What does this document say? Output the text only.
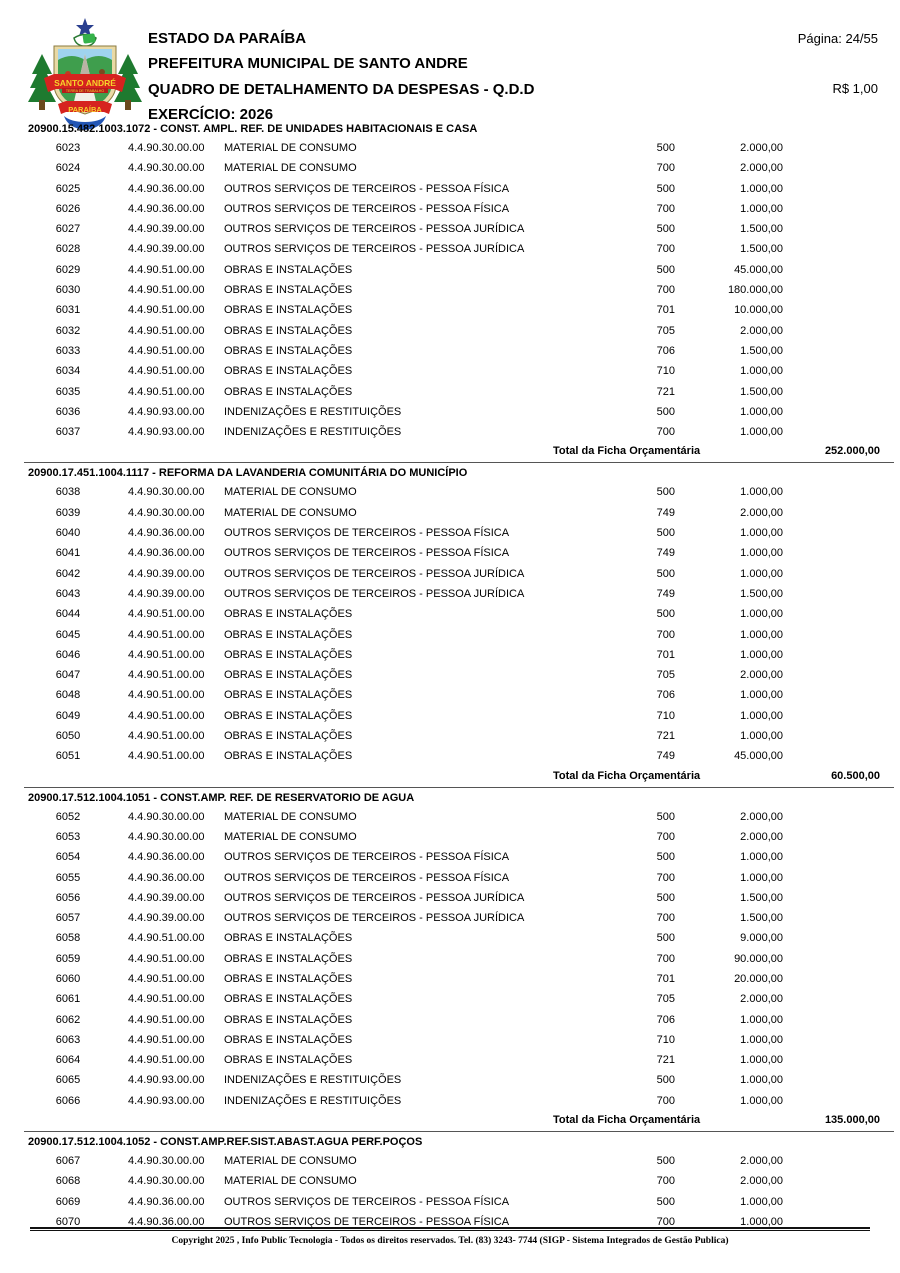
SANTO ANDRÉ
TERRA DE TRABALHO
PARAÍBA
ESTADO DA PARAÍBA
PREFEITURA MUNICIPAL DE SANTO ANDRE
QUADRO DE DETALHAMENTO DA DESPESAS - Q.D.D
EXERCÍCIO: 2026
Página: 24/55
R$ 1,00
20900.15.482.1003.1072 - CONST. AMPL. REF. DE UNIDADES HABITACIONAIS E CASA
6023	4.4.90.30.00.00	MATERIAL DE CONSUMO	500	2.000,00
6024	4.4.90.30.00.00	MATERIAL DE CONSUMO	700	2.000,00
6025	4.4.90.36.00.00	OUTROS SERVIÇOS DE TERCEIROS - PESSOA FÍSICA	500	1.000,00
6026	4.4.90.36.00.00	OUTROS SERVIÇOS DE TERCEIROS - PESSOA FÍSICA	700	1.000,00
6027	4.4.90.39.00.00	OUTROS SERVIÇOS DE TERCEIROS - PESSOA JURÍDICA	500	1.500,00
6028	4.4.90.39.00.00	OUTROS SERVIÇOS DE TERCEIROS - PESSOA JURÍDICA	700	1.500,00
6029	4.4.90.51.00.00	OBRAS E INSTALAÇÕES	500	45.000,00
6030	4.4.90.51.00.00	OBRAS E INSTALAÇÕES	700	180.000,00
6031	4.4.90.51.00.00	OBRAS E INSTALAÇÕES	701	10.000,00
6032	4.4.90.51.00.00	OBRAS E INSTALAÇÕES	705	2.000,00
6033	4.4.90.51.00.00	OBRAS E INSTALAÇÕES	706	1.500,00
6034	4.4.90.51.00.00	OBRAS E INSTALAÇÕES	710	1.000,00
6035	4.4.90.51.00.00	OBRAS E INSTALAÇÕES	721	1.500,00
6036	4.4.90.93.00.00	INDENIZAÇÕES E RESTITUIÇÕES	500	1.000,00
6037	4.4.90.93.00.00	INDENIZAÇÕES E RESTITUIÇÕES	700	1.000,00
Total da Ficha Orçamentária	252.000,00
20900.17.451.1004.1117 - REFORMA DA LAVANDERIA COMUNITÁRIA DO MUNICÍPIO
6038	4.4.90.30.00.00	MATERIAL DE CONSUMO	500	1.000,00
6039	4.4.90.30.00.00	MATERIAL DE CONSUMO	749	2.000,00
6040	4.4.90.36.00.00	OUTROS SERVIÇOS DE TERCEIROS - PESSOA FÍSICA	500	1.000,00
6041	4.4.90.36.00.00	OUTROS SERVIÇOS DE TERCEIROS - PESSOA FÍSICA	749	1.000,00
6042	4.4.90.39.00.00	OUTROS SERVIÇOS DE TERCEIROS - PESSOA JURÍDICA	500	1.000,00
6043	4.4.90.39.00.00	OUTROS SERVIÇOS DE TERCEIROS - PESSOA JURÍDICA	749	1.500,00
6044	4.4.90.51.00.00	OBRAS E INSTALAÇÕES	500	1.000,00
6045	4.4.90.51.00.00	OBRAS E INSTALAÇÕES	700	1.000,00
6046	4.4.90.51.00.00	OBRAS E INSTALAÇÕES	701	1.000,00
6047	4.4.90.51.00.00	OBRAS E INSTALAÇÕES	705	2.000,00
6048	4.4.90.51.00.00	OBRAS E INSTALAÇÕES	706	1.000,00
6049	4.4.90.51.00.00	OBRAS E INSTALAÇÕES	710	1.000,00
6050	4.4.90.51.00.00	OBRAS E INSTALAÇÕES	721	1.000,00
6051	4.4.90.51.00.00	OBRAS E INSTALAÇÕES	749	45.000,00
Total da Ficha Orçamentária	60.500,00
20900.17.512.1004.1051 - CONST.AMP. REF. DE RESERVATORIO DE AGUA
6052	4.4.90.30.00.00	MATERIAL DE CONSUMO	500	2.000,00
6053	4.4.90.30.00.00	MATERIAL DE CONSUMO	700	2.000,00
6054	4.4.90.36.00.00	OUTROS SERVIÇOS DE TERCEIROS - PESSOA FÍSICA	500	1.000,00
6055	4.4.90.36.00.00	OUTROS SERVIÇOS DE TERCEIROS - PESSOA FÍSICA	700	1.000,00
6056	4.4.90.39.00.00	OUTROS SERVIÇOS DE TERCEIROS - PESSOA JURÍDICA	500	1.500,00
6057	4.4.90.39.00.00	OUTROS SERVIÇOS DE TERCEIROS - PESSOA JURÍDICA	700	1.500,00
6058	4.4.90.51.00.00	OBRAS E INSTALAÇÕES	500	9.000,00
6059	4.4.90.51.00.00	OBRAS E INSTALAÇÕES	700	90.000,00
6060	4.4.90.51.00.00	OBRAS E INSTALAÇÕES	701	20.000,00
6061	4.4.90.51.00.00	OBRAS E INSTALAÇÕES	705	2.000,00
6062	4.4.90.51.00.00	OBRAS E INSTALAÇÕES	706	1.000,00
6063	4.4.90.51.00.00	OBRAS E INSTALAÇÕES	710	1.000,00
6064	4.4.90.51.00.00	OBRAS E INSTALAÇÕES	721	1.000,00
6065	4.4.90.93.00.00	INDENIZAÇÕES E RESTITUIÇÕES	500	1.000,00
6066	4.4.90.93.00.00	INDENIZAÇÕES E RESTITUIÇÕES	700	1.000,00
Total da Ficha Orçamentária	135.000,00
20900.17.512.1004.1052 - CONST.AMP.REF.SIST.ABAST.AGUA PERF.POÇOS
6067	4.4.90.30.00.00	MATERIAL DE CONSUMO	500	2.000,00
6068	4.4.90.30.00.00	MATERIAL DE CONSUMO	700	2.000,00
6069	4.4.90.36.00.00	OUTROS SERVIÇOS DE TERCEIROS - PESSOA FÍSICA	500	1.000,00
6070	4.4.90.36.00.00	OUTROS SERVIÇOS DE TERCEIROS - PESSOA FÍSICA	700	1.000,00
Copyright 2025 , Info Public Tecnologia - Todos os direitos reservados. Tel. (83) 3243- 7744 (SIGP - Sistema Integrados de Gestão Publica)
